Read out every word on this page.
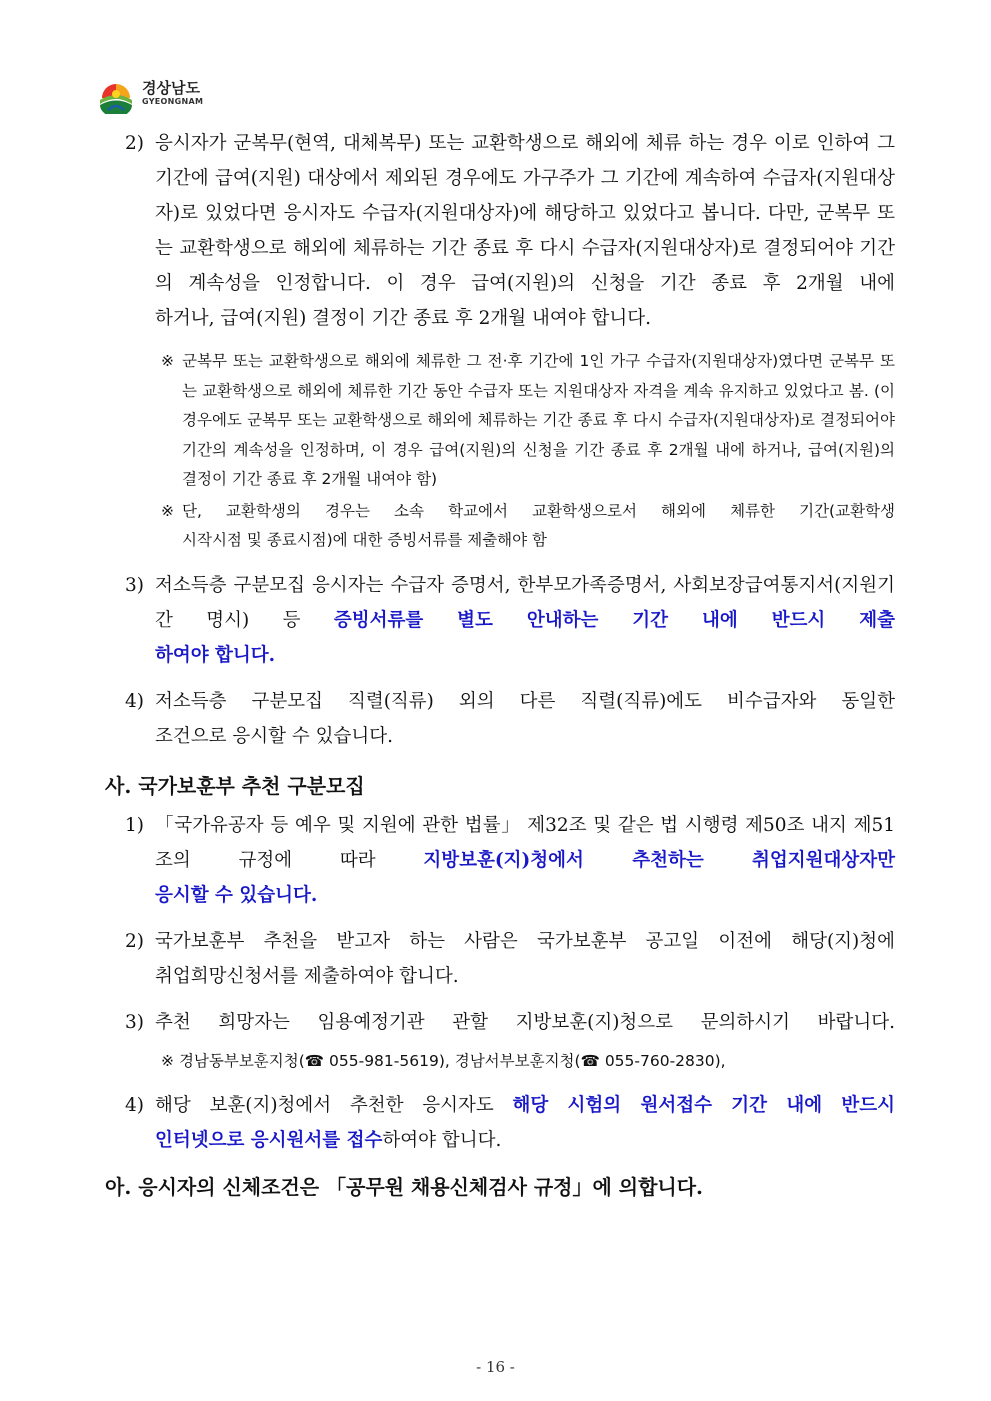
경상남도
GYEONGNAM
2) 응시자가 군복무(현역, 대체복무) 또는 교환학생으로 해외에 체류 하는 경우 이로 인하여 그 기간에 급여(지원) 대상에서 제외된 경우에도 가구주가 그 기간에 계속하여 수급자(지원대상자)로 있었다면 응시자도 수급자(지원대상자)에 해당하고 있었다고 봅니다. 다만, 군복무 또는 교환학생으로 해외에 체류하는 기간 종료 후 다시 수급자(지원대상자)로 결정되어야 기간의 계속성을 인정합니다. 이 경우 급여(지원)의 신청을 기간 종료 후 2개월 내에
하거나, 급여(지원) 결정이 기간 종료 후 2개월 내여야 합니다.
※ 군복무 또는 교환학생으로 해외에 체류한 그 전·후 기간에 1인 가구 수급자(지원대상자)였다면 군복무 또는 교환학생으로 해외에 체류한 기간 동안 수급자 또는 지원대상자 자격을 계속 유지하고 있었다고 봄. (이 경우에도 군복무 또는 교환학생으로 해외에 체류하는 기간 종료 후 다시 수급자(지원대상자)로 결정되어야 기간의 계속성을 인정하며, 이 경우 급여(지원)의 신청을 기간 종료 후 2개월 내에 하거나, 급여(지원)의
결정이 기간 종료 후 2개월 내여야 함)
※ 단, 교환학생의 경우는 소속 학교에서 교환학생으로서 해외에 체류한 기간(교환학생
시작시점 및 종료시점)에 대한 증빙서류를 제출해야 함
3) 저소득층 구분모집 응시자는 수급자 증명서, 한부모가족증명서, 사회보장급여통지서(지원기간 명시) 등 증빙서류를 별도 안내하는 기간 내에 반드시 제출
하여야 합니다.
4) 저소득층 구분모집 직렬(직류) 외의 다른 직렬(직류)에도 비수급자와 동일한
조건으로 응시할 수 있습니다.
사. 국가보훈부 추천 구분모집
1) 「국가유공자 등 예우 및 지원에 관한 법률」 제32조 및 같은 법 시행령 제50조 내지 제51조의 규정에 따라 지방보훈(지)청에서 추천하는 취업지원대상자만
응시할 수 있습니다.
2) 국가보훈부 추천을 받고자 하는 사람은 국가보훈부 공고일 이전에 해당(지)청에
취업희망신청서를 제출하여야 합니다.
3) 추천 희망자는 임용예정기관 관할 지방보훈(지)청으로 문의하시기 바랍니다.
※ 경남동부보훈지청(☎ 055-981-5619), 경남서부보훈지청(☎ 055-760-2830),
4) 해당 보훈(지)청에서 추천한 응시자도 해당 시험의 원서접수 기간 내에 반드시
인터넷으로 응시원서를 접수하여야 합니다.
아. 응시자의 신체조건은 「공무원 채용신체검사 규정」에 의합니다.
- 16 -
